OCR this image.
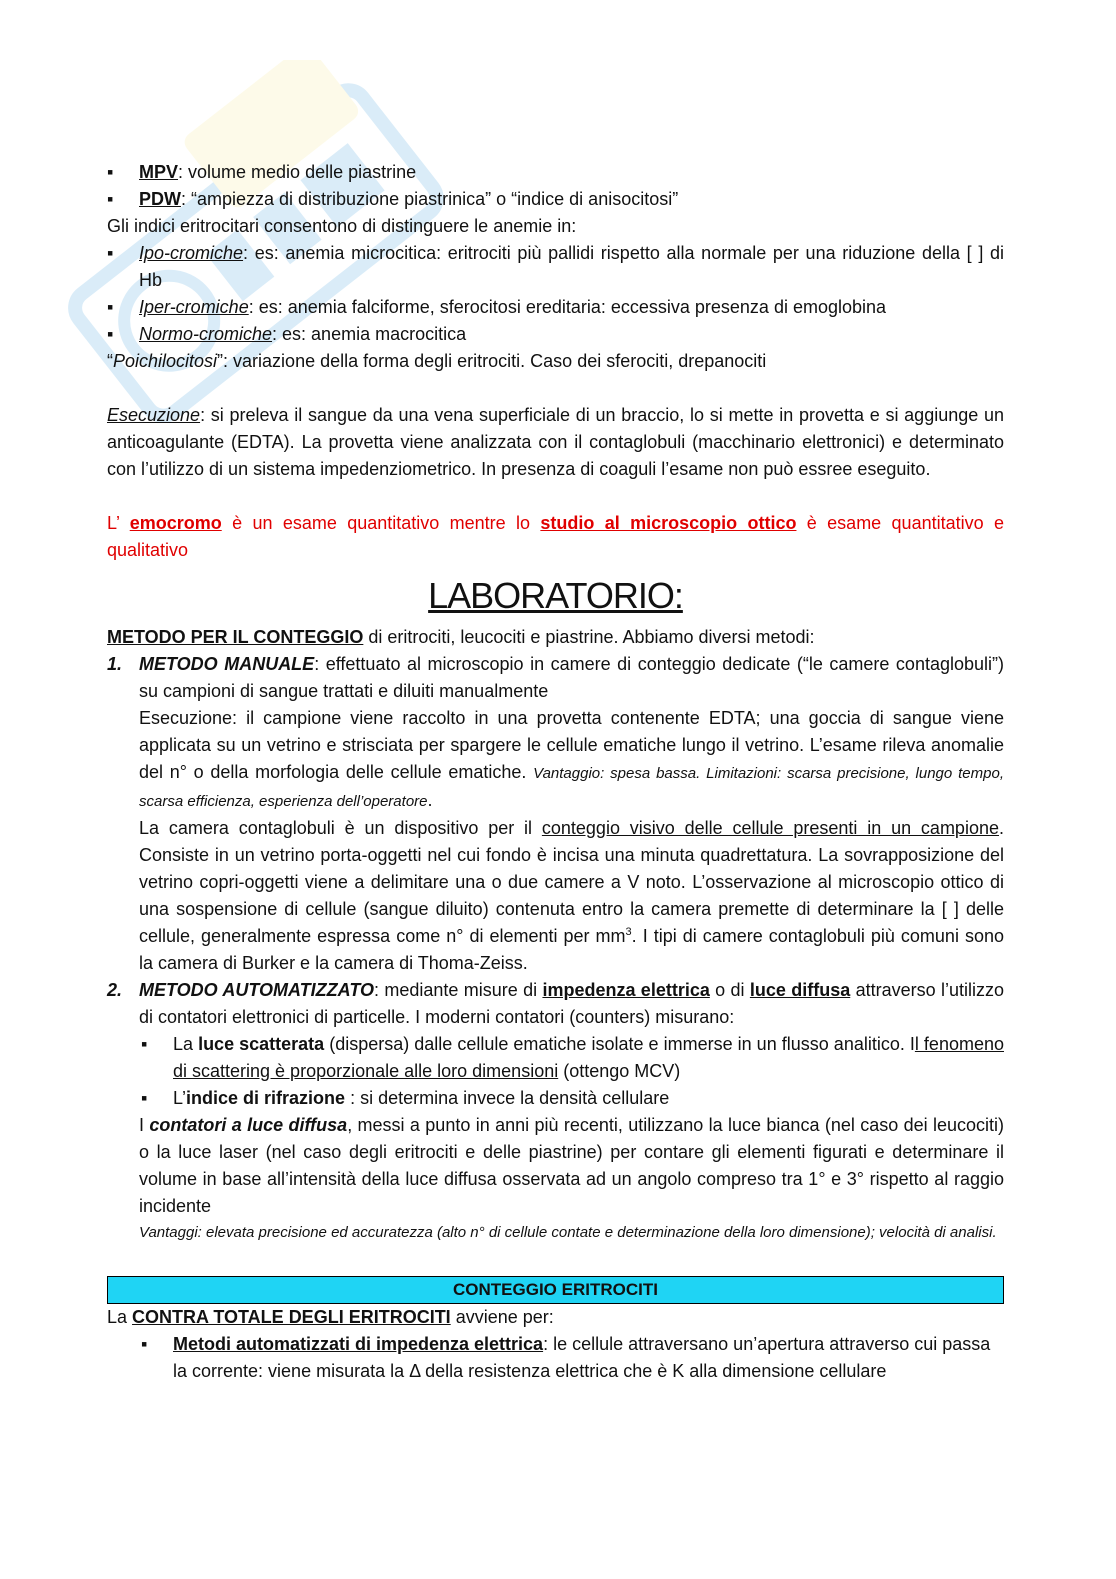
▪ MPV: volume medio delle piastrine

▪ PDW: “ampiezza di distribuzione piastrinica” o “indice di anisocitosi”

Gli indici eritrocitari consentono di distinguere le anemie in:

▪ Ipo-cromiche: es: anemia microcitica: eritrociti più pallidi rispetto alla normale per una riduzione della [ ] di Hb

▪ Iper-cromiche: es: anemia falciforme, sferocitosi ereditaria: eccessiva presenza di emoglobina

▪ Normo-cromiche: es: anemia macrocitica

“Poichilocitosi”: variazione della forma degli eritrociti. Caso dei sferociti, drepanociti

Esecuzione: si preleva il sangue da una vena superficiale di un braccio, lo si mette in provetta e si aggiunge un anticoagulante (EDTA). La provetta viene analizzata con il contaglobuli (macchinario elettronici) e determinato con l’utilizzo di un sistema impedenziometrico. In presenza di coaguli l’esame non può essree eseguito.

L’ emocromo è un esame quantitativo mentre lo studio al microscopio ottico è esame quantitativo e qualitativo

LABORATORIO:

METODO PER IL CONTEGGIO di eritrociti, leucociti e piastrine. Abbiamo diversi metodi:

1. METODO MANUALE: effettuato al microscopio in camere di conteggio dedicate (“le camere contaglobuli”) su campioni di sangue trattati e diluiti manualmente

Esecuzione: il campione viene raccolto in una provetta contenente EDTA; una goccia di sangue viene applicata su un vetrino e strisciata per spargere le cellule ematiche lungo il vetrino. L’esame rileva anomalie del n° o della morfologia delle cellule ematiche. Vantaggio: spesa bassa. Limitazioni: scarsa precisione, lungo tempo, scarsa efficienza, esperienza dell’operatore.

La camera contaglobuli è un dispositivo per il conteggio visivo delle cellule presenti in un campione. Consiste in un vetrino porta-oggetti nel cui fondo è incisa una minuta quadrettatura. La sovrapposizione del vetrino copri-oggetti viene a delimitare una o due camere a V noto. L’osservazione al microscopio ottico di una sospensione di cellule (sangue diluito) contenuta entro la camera premette di determinare la [ ] delle cellule, generalmente espressa come n° di elementi per $mm^3$. I tipi di camere contaglobuli più comuni sono la camera di Burker e la camera di Thoma-Zeiss.

2. METODO AUTOMATIZZATO: mediante misure di impedenza elettrica o di luce diffusa attraverso l’utilizzo di contatori elettronici di particelle. I moderni contatori (counters) misurano:

▪ La luce scatterata (dispersa) dalle cellule ematiche isolate e immerse in un flusso analitico. Il fenomeno di scattering è proporzionale alle loro dimensioni (ottengo MCV)

▪ L’indice di rifrazione : si determina invece la densità cellulare

I contatori a luce diffusa, messi a punto in anni più recenti, utilizzano la luce bianca (nel caso dei leucociti) o la luce laser (nel caso degli eritrociti e delle piastrine) per contare gli elementi figurati e determinare il volume in base all’intensità della luce diffusa osservata ad un angolo compreso tra 1° e 3° rispetto al raggio incidente

Vantaggi: elevata precisione ed accuratezza (alto n° di cellule contate e determinazione della loro dimensione); velocità di analisi.

CONTEGGIO ERITROCITI

La CONTRA TOTALE DEGLI ERITROCITI avviene per:

▪ Metodi automatizzati di impedenza elettrica: le cellule attraversano un’apertura attraverso cui passa la corrente: viene misurata la Δ della resistenza elettrica che è K alla dimensione cellulare
